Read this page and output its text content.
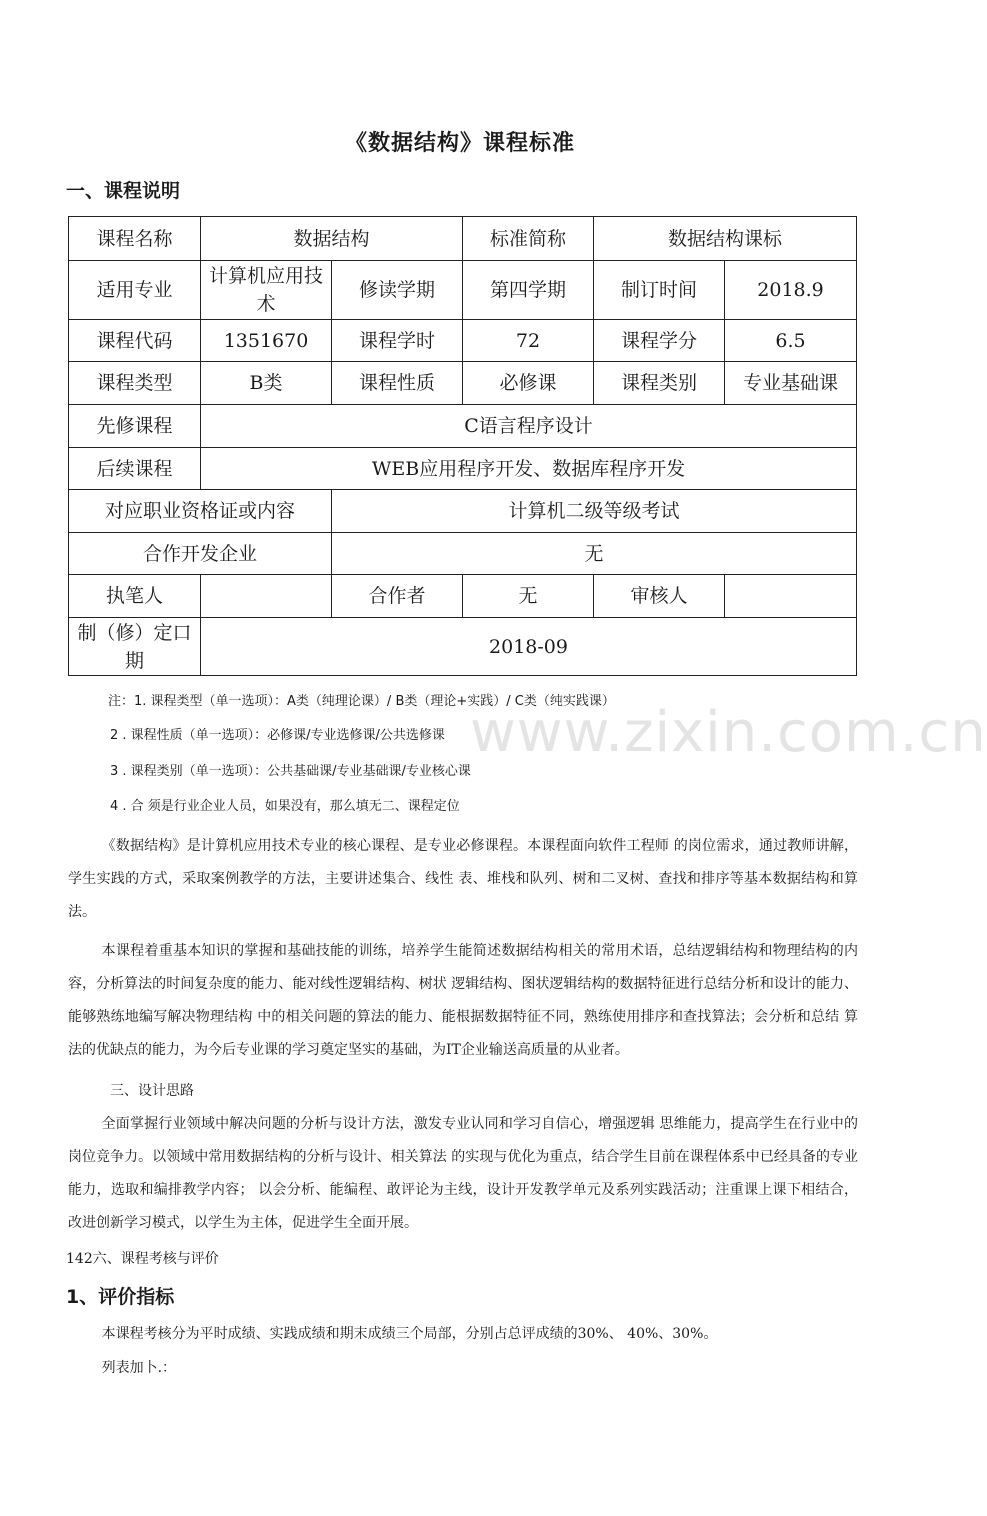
www.zixin.com.cn
《数据结构》课程标准
一、课程说明
课程名称	数据结构		标准简称	数据结构课标	
适用专业	计算机应用技术	修读学期	第四学期	制订时间	2018.9
课程代码	1351670	课程学时	72	课程学分	6.5
课程类型	B类	课程性质	必修课	课程类别	专业基础课
先修课程	C语言程序设计				
后续课程	WEB应用程序开发、数据库程序开发				
对应职业资格证或内容		计算机二级等级考试			
合作开发企业		无			
执笔人		合作者	无	审核人	
制（修）定口期	2018-09				
注：1. 课程类型（单一选项）：A类（纯理论课）/ B类（理论+实践）/ C类（纯实践课）
2 . 课程性质（单一选项）：必修课/专业选修课/公共选修课
3 . 课程类别（单一选项）：公共基础课/专业基础课/专业核心课
4 . 合 须是行业企业人员，如果没有，那么填无二、课程定位
《数据结构》是计算机应用技术专业的核心课程、是专业必修课程。本课程面向软件工程师 的岗位需求，通过教师讲解，学生实践的方式，采取案例教学的方法，主要讲述集合、线性 表、堆栈和队列、树和二叉树、查找和排序等基本数据结构和算法。
本课程着重基本知识的掌握和基础技能的训练，培养学生能简述数据结构相关的常用术语，总结逻辑结构和物理结构的内容，分析算法的时间复杂度的能力、能对线性逻辑结构、树状 逻辑结构、图状逻辑结构的数据特征进行总结分析和设计的能力、能够熟练地编写解决物理结构 中的相关问题的算法的能力、能根据数据特征不同，熟练使用排序和查找算法；会分析和总结 算法的优缺点的能力，为今后专业课的学习奠定坚实的基础，为IT企业输送高质量的从业者。
三、设计思路
全面掌握行业领域中解决问题的分析与设计方法，激发专业认同和学习自信心，增强逻辑 思维能力，提高学生在行业中的岗位竞争力。以领域中常用数据结构的分析与设计、相关算法 的实现与优化为重点，结合学生目前在课程体系中已经具备的专业能力，选取和编排教学内容； 以会分析、能编程、敢评论为主线，设计开发教学单元及系列实践活动；注重课上课下相结合， 改进创新学习模式，以学生为主体，促进学生全面开展。
142六、课程考核与评价
1、评价指标
本课程考核分为平时成绩、实践成绩和期末成绩三个局部，分别占总评成绩的30%、 40%、30%。
列表加卜.：
